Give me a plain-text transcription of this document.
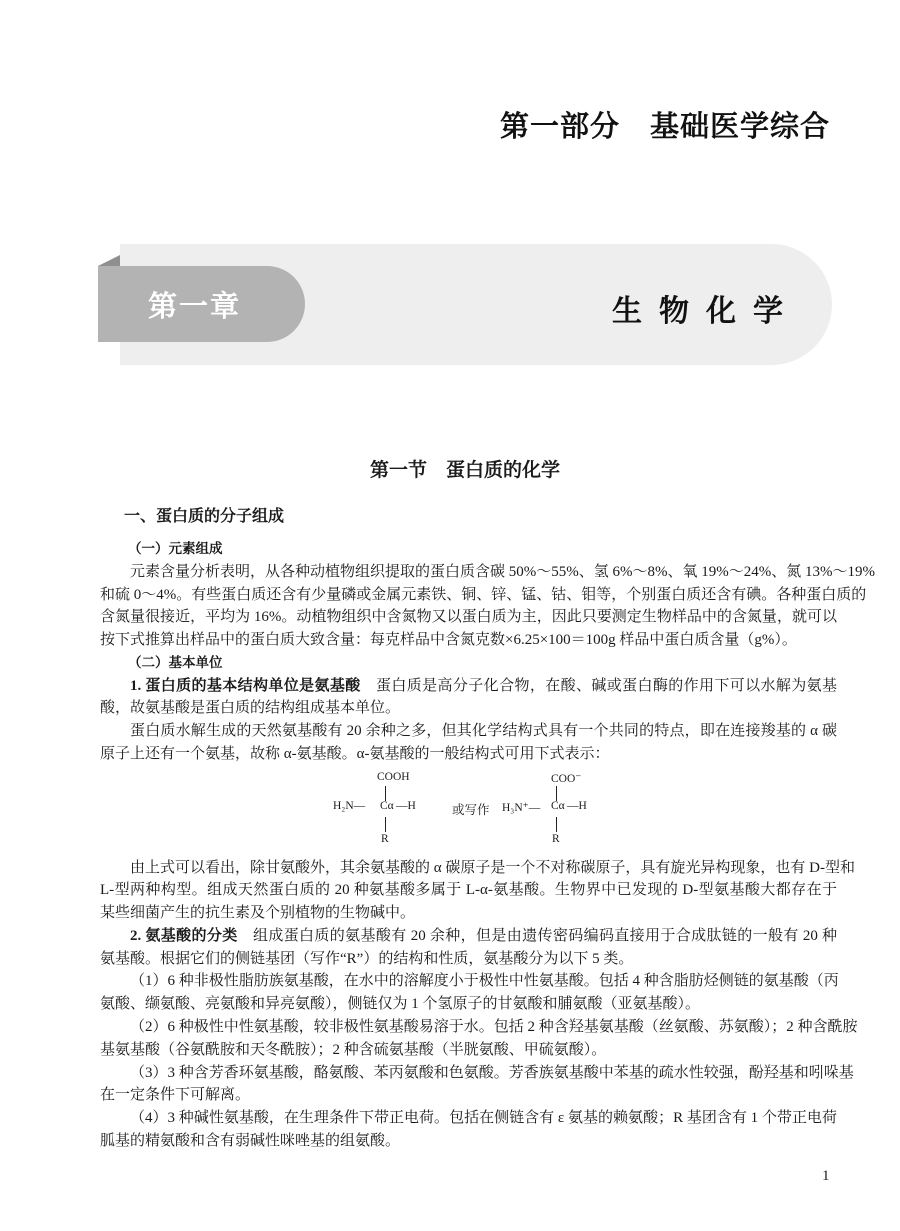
第一部分　基础医学综合
第一章	生物化学
第一节　蛋白质的化学
一、蛋白质的分子组成
（一）元素组成
元素含量分析表明，从各种动植物组织提取的蛋白质含碳 50%～55%、氢 6%～8%、氧 19%～24%、氮 13%～19%
和硫 0～4%。有些蛋白质还含有少量磷或金属元素铁、铜、锌、锰、钴、钼等，个别蛋白质还含有碘。各种蛋白质的
含氮量很接近，平均为 16%。动植物组织中含氮物又以蛋白质为主，因此只要测定生物样品中的含氮量，就可以
按下式推算出样品中的蛋白质大致含量：每克样品中含氮克数×6.25×100＝100g 样品中蛋白质含量（g%）。
（二）基本单位
1. 蛋白质的基本结构单位是氨基酸　蛋白质是高分子化合物，在酸、碱或蛋白酶的作用下可以水解为氨基
酸，故氨基酸是蛋白质的结构组成基本单位。
蛋白质水解生成的天然氨基酸有 20 余种之多，但其化学结构式具有一个共同的特点，即在连接羧基的 α 碳
原子上还有一个氨基，故称 α-氨基酸。α-氨基酸的一般结构式可用下式表示：
由上式可以看出，除甘氨酸外，其余氨基酸的 α 碳原子是一个不对称碳原子，具有旋光异构现象，也有 D-型和
L-型两种构型。组成天然蛋白质的 20 种氨基酸多属于 L-α-氨基酸。生物界中已发现的 D-型氨基酸大都存在于
某些细菌产生的抗生素及个别植物的生物碱中。
2. 氨基酸的分类　组成蛋白质的氨基酸有 20 余种，但是由遗传密码编码直接用于合成肽链的一般有 20 种
氨基酸。根据它们的侧链基团（写作“R”）的结构和性质，氨基酸分为以下 5 类。
（1）6 种非极性脂肪族氨基酸，在水中的溶解度小于极性中性氨基酸。包括 4 种含脂肪烃侧链的氨基酸（丙
氨酸、缬氨酸、亮氨酸和异亮氨酸），侧链仅为 1 个氢原子的甘氨酸和脯氨酸（亚氨基酸）。
（2）6 种极性中性氨基酸，较非极性氨基酸易溶于水。包括 2 种含羟基氨基酸（丝氨酸、苏氨酸）；2 种含酰胺
基氨基酸（谷氨酰胺和天冬酰胺）；2 种含硫氨基酸（半胱氨酸、甲硫氨酸）。
（3）3 种含芳香环氨基酸，酪氨酸、苯丙氨酸和色氨酸。芳香族氨基酸中苯基的疏水性较强，酚羟基和吲哚基
在一定条件下可解离。
（4）3 种碱性氨基酸，在生理条件下带正电荷。包括在侧链含有 ε 氨基的赖氨酸；R 基团含有 1 个带正电荷
胍基的精氨酸和含有弱碱性咪唑基的组氨酸。
COOH
H₂N— Cα —H
R
或写作
COO⁻
H₃N⁺— Cα —H
R
1
